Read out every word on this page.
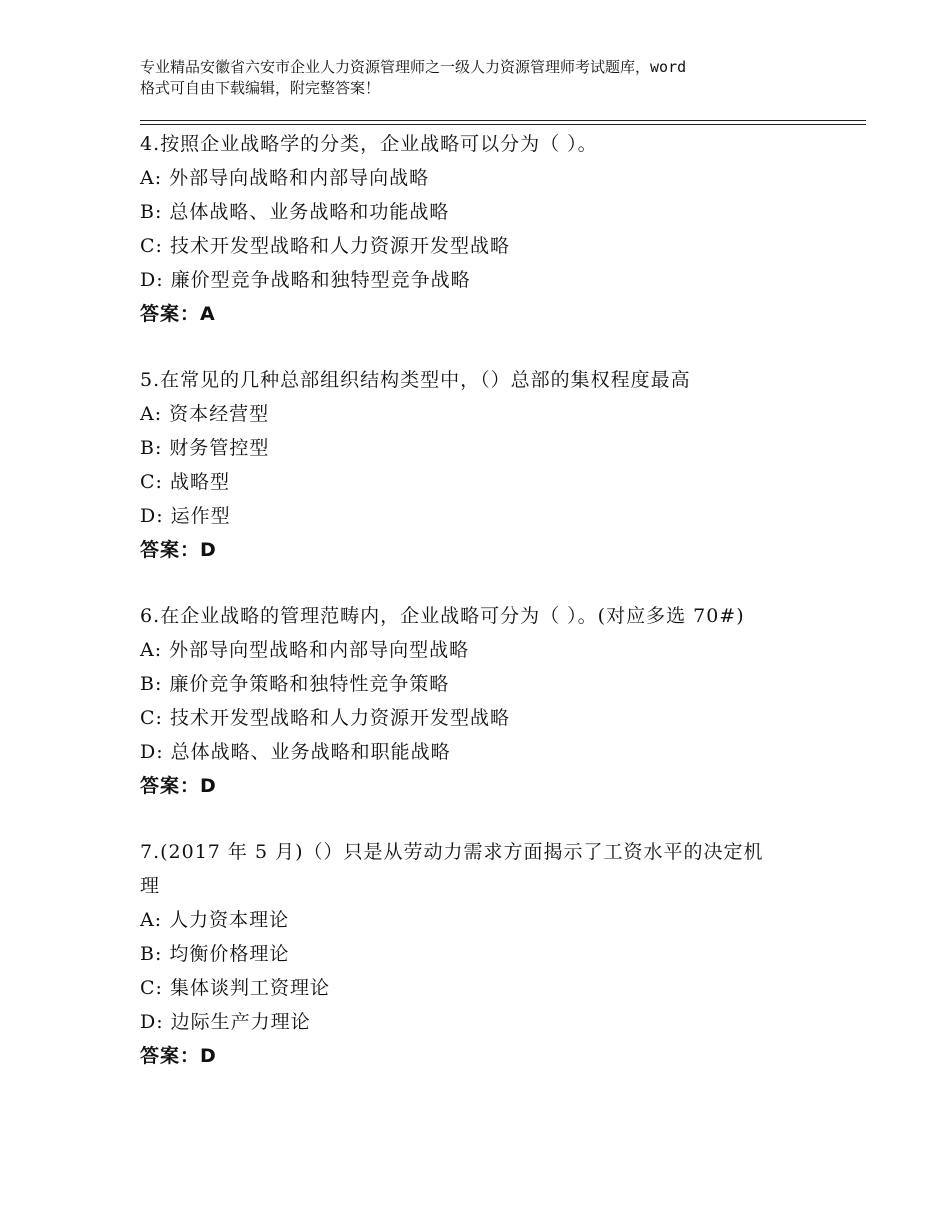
专业精品安徽省六安市企业人力资源管理师之一级人力资源管理师考试题库，word
格式可自由下载编辑，附完整答案！
4.按照企业战略学的分类，企业战略可以分为（ ）。
A: 外部导向战略和内部导向战略
B: 总体战略、业务战略和功能战略
C: 技术开发型战略和人力资源开发型战略
D: 廉价型竞争战略和独特型竞争战略
答案：A
5.在常见的几种总部组织结构类型中，（）总部的集权程度最高
A: 资本经营型
B: 财务管控型
C: 战略型
D: 运作型
答案：D
6.在企业战略的管理范畴内，企业战略可分为（ ）。(对应多选 70#)
A: 外部导向型战略和内部导向型战略
B: 廉价竞争策略和独特性竞争策略
C: 技术开发型战略和人力资源开发型战略
D: 总体战略、业务战略和职能战略
答案：D
7.(2017 年 5 月)（）只是从劳动力需求方面揭示了工资水平的决定机
理
A: 人力资本理论
B: 均衡价格理论
C: 集体谈判工资理论
D: 边际生产力理论
答案：D
